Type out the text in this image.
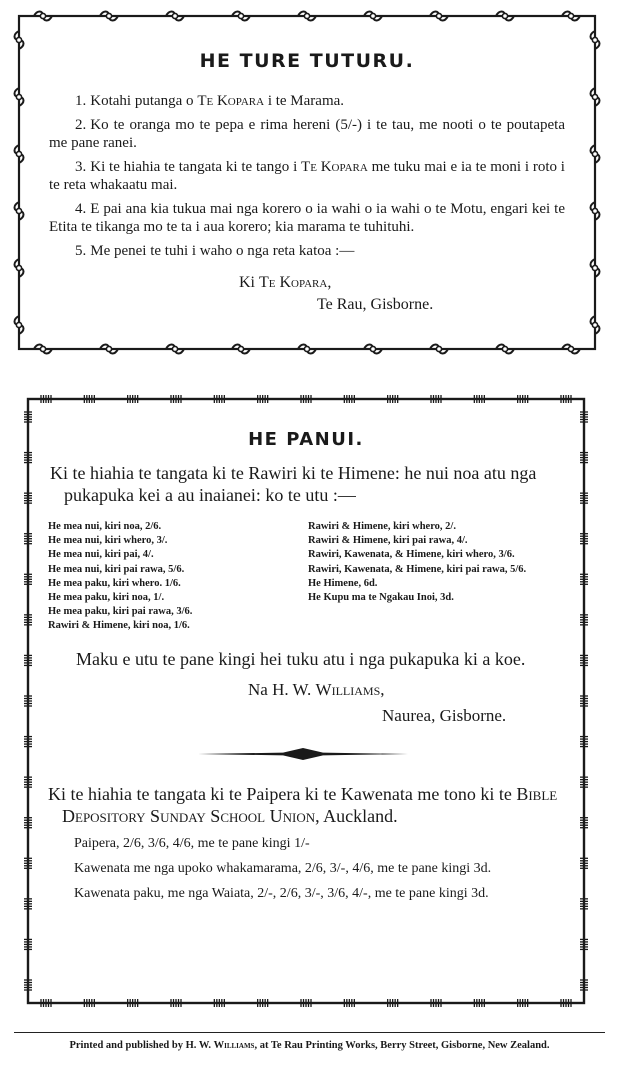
HE TURE TUTURU.

1. Kotahi putanga o Te Kopara i te Marama.

2. Ko te oranga mo te pepa e rima hereni (5/-) i te tau, me nooti o te poutapeta me pane ranei.

3. Ki te hiahia te tangata ki te tango i Te Kopara me tuku mai e ia te moni i roto i te reta whakaatu mai.

4. E pai ana kia tukua mai nga korero o ia wahi o ia wahi o te Motu, engari kei te Etita te tikanga mo te ta i aua korero; kia marama te tuhituhi.

5. Me penei te tuhi i waho o nga reta katoa :—

Ki Te Kopara,
Te Rau, Gisborne.
HE PANUI.

Ki te hiahia te tangata ki te Rawiri ki te Himene: he nui noa atu nga pukapuka kei a au inaianei: ko te utu :—

He mea nui, kiri noa, 2/6.
He mea nui, kiri whero, 3/.
He mea nui, kiri pai, 4/.
He mea nui, kiri pai rawa, 5/6.
He mea paku, kiri whero. 1/6.
He mea paku, kiri noa, 1/.
He mea paku, kiri pai rawa, 3/6.
Rawiri & Himene, kiri noa, 1/6.
Rawiri & Himene, kiri whero, 2/.
Rawiri & Himene, kiri pai rawa, 4/.
Rawiri, Kawenata, & Himene, kiri whero, 3/6.
Rawiri, Kawenata, & Himene, kiri pai rawa, 5/6.
He Himene, 6d.
He Kupu ma te Ngakau Inoi, 3d.

Maku e utu te pane kingi hei tuku atu i nga pukapuka ki a koe.

Na H. W. Williams,
Naurea, Gisborne.

Ki te hiahia te tangata ki te Paipera ki te Kawenata me tono ki te Bible Depository Sunday School Union, Auckland.

Paipera, 2/6, 3/6, 4/6, me te pane kingi 1/-

Kawenata me nga upoko whakamarama, 2/6, 3/-, 4/6, me te pane kingi 3d.

Kawenata paku, me nga Waiata, 2/-, 2/6, 3/-, 3/6, 4/-, me te pane kingi 3d.

Printed and published by H. W. Williams, at Te Rau Printing Works, Berry Street, Gisborne, New Zealand.
